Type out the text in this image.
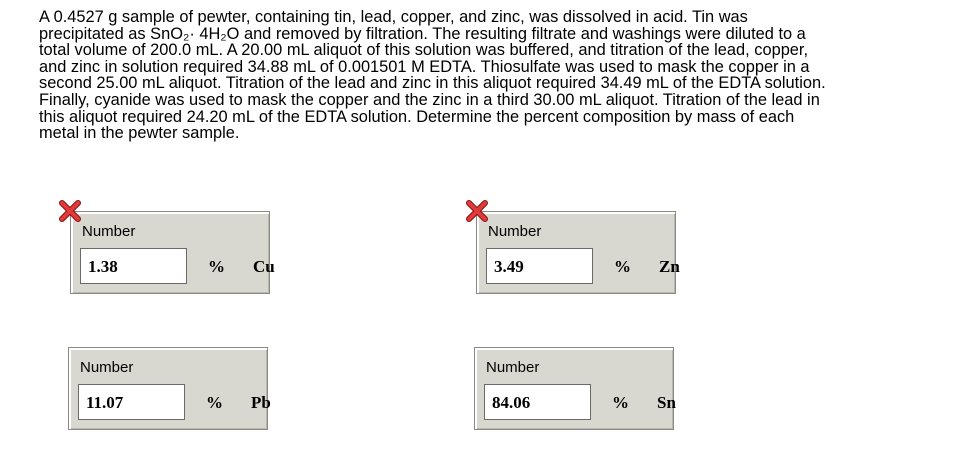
A 0.4527 g sample of pewter, containing tin, lead, copper, and zinc, was dissolved in acid. Tin was
precipitated as SnO₂· 4H₂O and removed by filtration. The resulting filtrate and washings were diluted to a
total volume of 200.0 mL. A 20.00 mL aliquot of this solution was buffered, and titration of the lead, copper,
and zinc in solution required 34.88 mL of 0.001501 M EDTA. Thiosulfate was used to mask the copper in a
second 25.00 mL aliquot. Titration of the lead and zinc in this aliquot required 34.49 mL of the EDTA solution.
Finally, cyanide was used to mask the copper and the zinc in a third 30.00 mL aliquot. Titration of the lead in
this aliquot required 24.20 mL of the EDTA solution. Determine the percent composition by mass of each
metal in the pewter sample.
Number
1.38	% Cu
Number
3.49	% Zn
Number
11.07	% Pb
Number
84.06	% Sn
